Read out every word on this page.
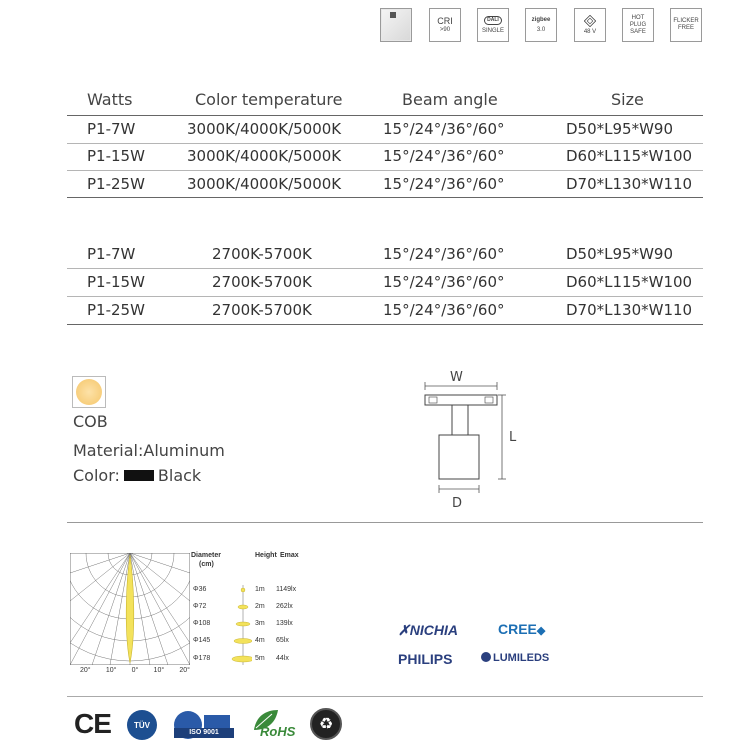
CRI
>90
DALI
SINGLE
zigbee
3.0	48 V
HOT PLUG
SAFE
FLICKER
FREE
Watts	Color temperature	Beam angle	Size
P1-7W	3000K/4000K/5000K	15°/24°/36°/60°	D50*L95*W90
P1-15W	3000K/4000K/5000K	15°/24°/36°/60°	D60*L115*W100
P1-25W	3000K/4000K/5000K	15°/24°/36°/60°	D70*L130*W110
P1-7W	2700K-5700K	15°/24°/36°/60°	D50*L95*W90
P1-15W	2700K-5700K	15°/24°/36°/60°	D60*L115*W100
P1-25W	2700K-5700K	15°/24°/36°/60°	D70*L130*W110
COB
Material:Aluminum
Color: Black
W
L
D
20° 10° 0° 10° 20°
Diameter
(cm)
Height Emax
Φ36	1m 1149lx
Φ72	2m 262lx
Φ108	3m 139lx
Φ145	4m 65lx
Φ178	5m 44lx
✗NICHIA	CREE◆
PHILIPS	LUMILEDS
CE	TÜV
ISO 9001	RoHS ♻
